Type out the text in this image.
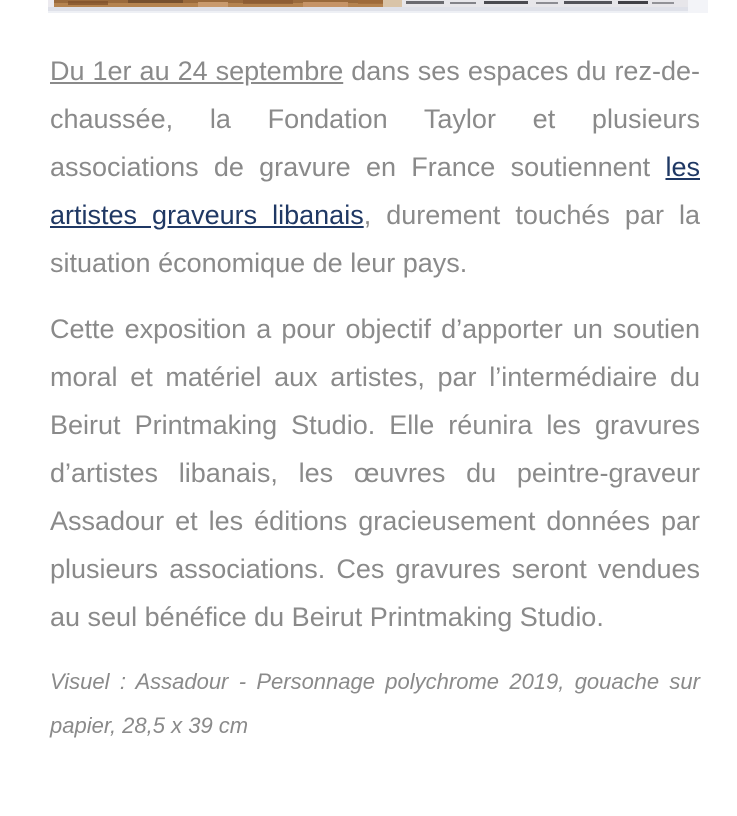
Du 1er au 24 septembre dans ses espaces du rez-de-chaussée, la Fondation Taylor et plusieurs associations de gravure en France soutiennent les artistes graveurs libanais, durement touchés par la situation économique de leur pays.

Cette exposition a pour objectif d’apporter un soutien moral et matériel aux artistes, par l’intermédiaire du Beirut Printmaking Studio. Elle réunira les gravures d’artistes libanais, les œuvres du peintre-graveur Assadour et les éditions gracieusement données par plusieurs associations. Ces gravures seront vendues au seul bénéfice du Beirut Printmaking Studio.

Visuel : Assadour - Personnage polychrome 2019, gouache sur papier, 28,5 x 39 cm
